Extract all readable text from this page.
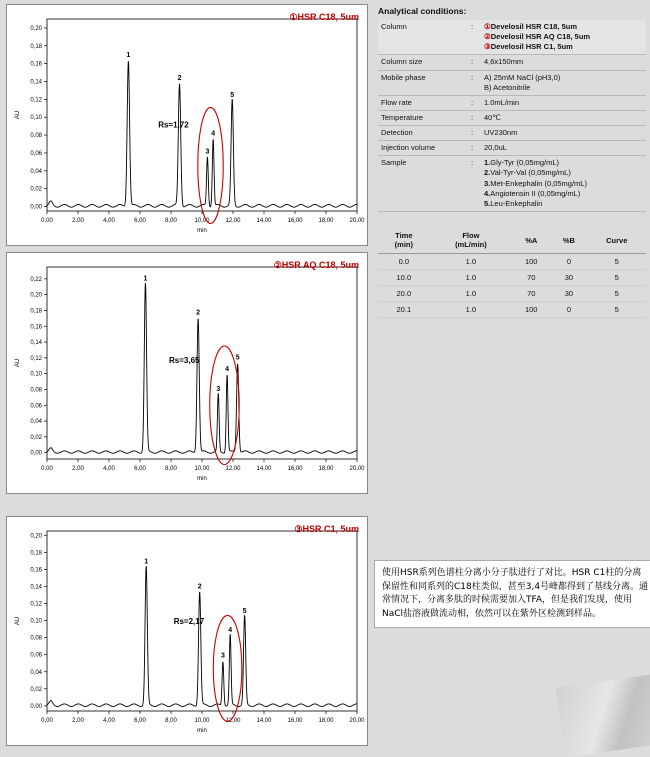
①HSR C18, 5um
0,00	2,00	4,00	6,00	8,00	10,00	12,00	14,00	16,00	18,00	20,00
0,00
0,02
0,04
0,06
0,08
0,10
0,12
0,14
0,16
0,18
0,20
min
AU
1
2
3
4
5
Rs=1,72
②HSR AQ C18, 5um
0,00	2,00	4,00	6,00	8,00	10,00	12,00	14,00	16,00	18,00	20,00
0,00
0,02
0,04
0,06
0,08
0,10
0,12
0,14
0,16
0,18
0,20
0,22
min
AU
1
2
3
4
5
Rs=3,65
③HSR C1, 5um
0,00	2,00	4,00	6,00	8,00	10,00	12,00	14,00	16,00	18,00	20,00
0,00
0,02
0,04
0,06
0,08
0,10
0,12
0,14
0,16
0,18
0,20
min
AU
1
2
3
4
5
Rs=2,17
Analytical conditions:
Column	:	①Develosil HSR C18, 5um
②Develosil HSR AQ C18, 5um
③Develosil HSR C1, 5um

Column size	:	4,6x150mm

Mobile phase	:	A) 25mM NaCl (pH3,0)
B) Acetonitrile

Flow rate	:	1.0mL/min

Temperature	:	40℃

Detection	:	UV230nm

Injection volume	:	20,0uL

Sample	:	1.Gly-Tyr (0,05mg/mL)
2.Val-Tyr-Val (0,05mg/mL)
3.Met-Enkephalin (0,05mg/mL)
4.Angiotensin II (0,05mg/mL)
5.Leu-Enkephalin
Time
(min)

Flow
(mL/min)

%A	%B	Curve

0.0	1.0	100	0	5
10.0	1.0	70	30	5
20.0	1.0	70	30	5
20.1	1.0	100	0	5
使用HSR系列色谱柱分离小分子肽进行了对比。HSR C1柱的分离保留性和同系列的C18柱类似，甚至3,4号峰都得到了基线分离。通常情况下，分离多肽的时候需要加入TFA，但是我们发现，使用NaCl盐溶液做流动相，依然可以在紫外区检测到样品。
